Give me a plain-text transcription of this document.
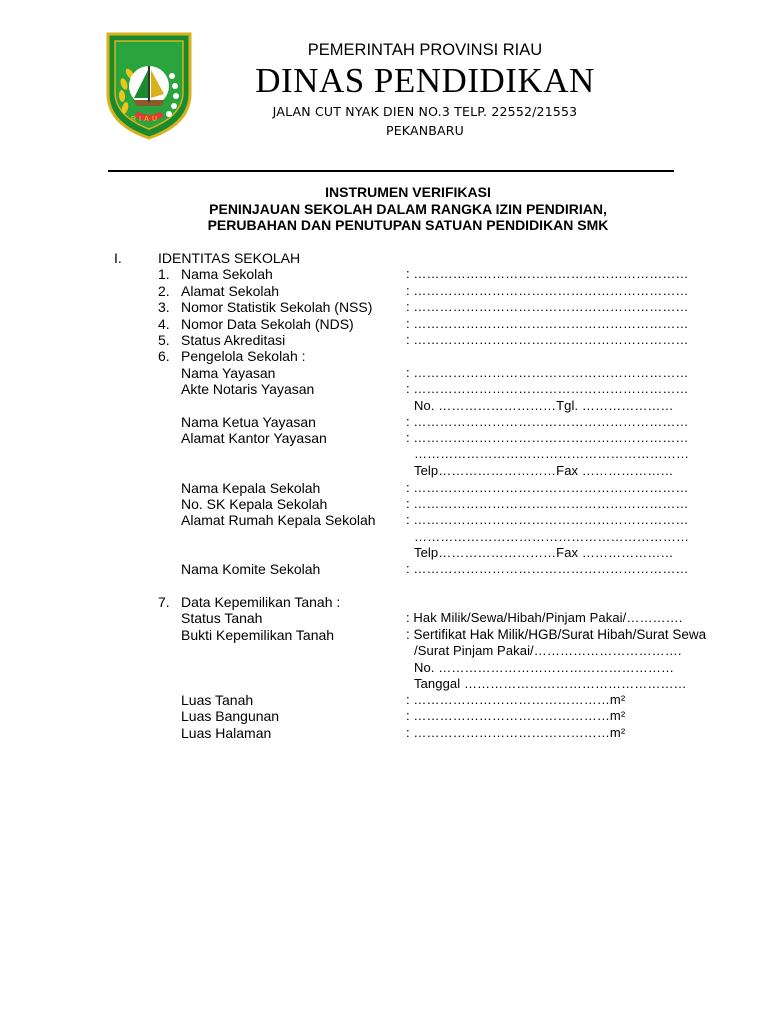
RIAU
PEMERINTAH PROVINSI RIAU
DINAS PENDIDIKAN
JALAN CUT NYAK DIEN NO.3 TELP. 22552/21553
PEKANBARU
INSTRUMEN VERIFIKASI
PENINJAUAN SEKOLAH DALAM RANGKA IZIN PENDIRIAN,
PERUBAHAN DAN PENUTUPAN SATUAN PENDIDIKAN SMK
I.	IDENTITAS SEKOLAH
1. Nama Sekolah	: ………………………………………………………
2. Alamat Sekolah	: ………………………………………………………
3. Nomor Statistik Sekolah (NSS)	: ………………………………………………………
4. Nomor Data Sekolah (NDS)	: ………………………………………………………
5. Status Akreditasi	: ………………………………………………………
6. Pengelola Sekolah :
Nama Yayasan	: ………………………………………………………
Akte Notaris Yayasan	: ………………………………………………………
No. ………………………Tgl. …………………
Nama Ketua Yayasan	: ………………………………………………………
Alamat Kantor Yayasan	: ………………………………………………………
………………………………………………………
Telp………………………Fax …………………
Nama Kepala Sekolah	: ………………………………………………………
No. SK Kepala Sekolah	: ………………………………………………………
Alamat Rumah Kepala Sekolah : ………………………………………………………
………………………………………………………
Telp………………………Fax …………………
Nama Komite Sekolah	: ………………………………………………………
7. Data Kepemilikan Tanah :
Status Tanah	: Hak Milik/Sewa/Hibah/Pinjam Pakai/………….
Bukti Kepemilikan Tanah	: Sertifikat Hak Milik/HGB/Surat Hibah/Surat Sewa
/Surat Pinjam Pakai/…………………………….
No. ………………………………………………
Tanggal ……………………………………………
Luas Tanah	: ………………………………………m²
Luas Bangunan	: ………………………………………m²
Luas Halaman	: ………………………………………m²
